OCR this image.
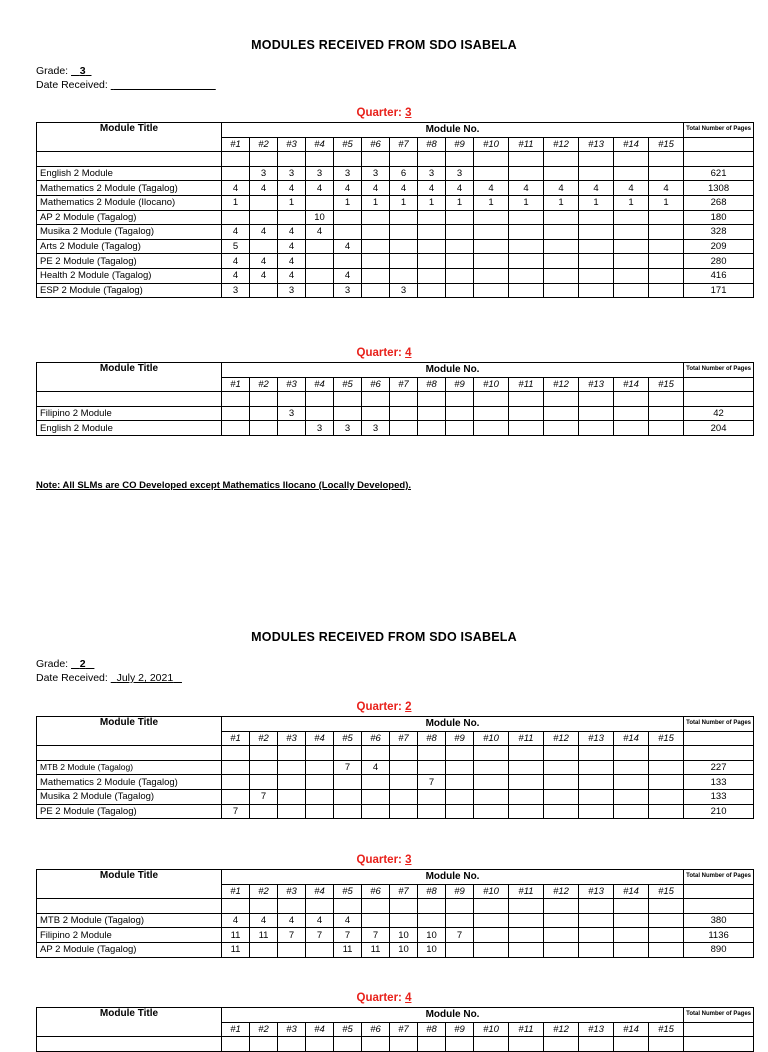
MODULES RECEIVED FROM SDO ISABELA
Grade: 3
Date Received:
Quarter: 3
Module Title	Module No.															Total Number of Pages
	#1	#2	#3	#4	#5	#6	#7	#8	#9	#10	#11	#12	#13	#14	#15	

English 2 Module		3	3	3	3	3	6	3	3							621
Mathematics 2 Module (Tagalog)	4	4	4	4	4	4	4	4	4	4	4	4	4	4	4	1308
Mathematics 2 Module (Ilocano)	1		1		1	1	1	1	1	1	1	1	1	1	1	268
AP 2 Module (Tagalog)				10												180
Musika 2 Module (Tagalog)	4	4	4	4												328
Arts 2 Module (Tagalog)	5		4		4											209
PE 2 Module (Tagalog)	4	4	4													280
Health 2 Module (Tagalog)	4	4	4		4											416
ESP 2 Module (Tagalog)	3		3		3		3									171
Quarter: 4
Module Title	Module No.															Total Number of Pages
	#1	#2	#3	#4	#5	#6	#7	#8	#9	#10	#11	#12	#13	#14	#15	

Filipino 2 Module			3													42
English 2 Module				3	3	3										204
Note: All SLMs are CO Developed except Mathematics Ilocano (Locally Developed).
MODULES RECEIVED FROM SDO ISABELA
Grade: 2
Date Received: July 2, 2021
Quarter: 2
Module Title	Module No.															Total Number of Pages
	#1	#2	#3	#4	#5	#6	#7	#8	#9	#10	#11	#12	#13	#14	#15	

MTB 2 Module (Tagalog)					7	4										227
Mathematics 2 Module (Tagalog)								7								133
Musika 2 Module (Tagalog)		7														133
PE 2 Module (Tagalog)	7															210
Quarter: 3
Module Title	Module No.															Total Number of Pages
	#1	#2	#3	#4	#5	#6	#7	#8	#9	#10	#11	#12	#13	#14	#15	

MTB 2 Module (Tagalog)	4	4	4	4	4											380
Filipino 2 Module	11	11	7	7	7	7	10	10	7							1136
AP 2 Module (Tagalog)	11				11	11	10	10								890
Quarter: 4
Module Title	Module No.															Total Number of Pages
	#1	#2	#3	#4	#5	#6	#7	#8	#9	#10	#11	#12	#13	#14	#15	
